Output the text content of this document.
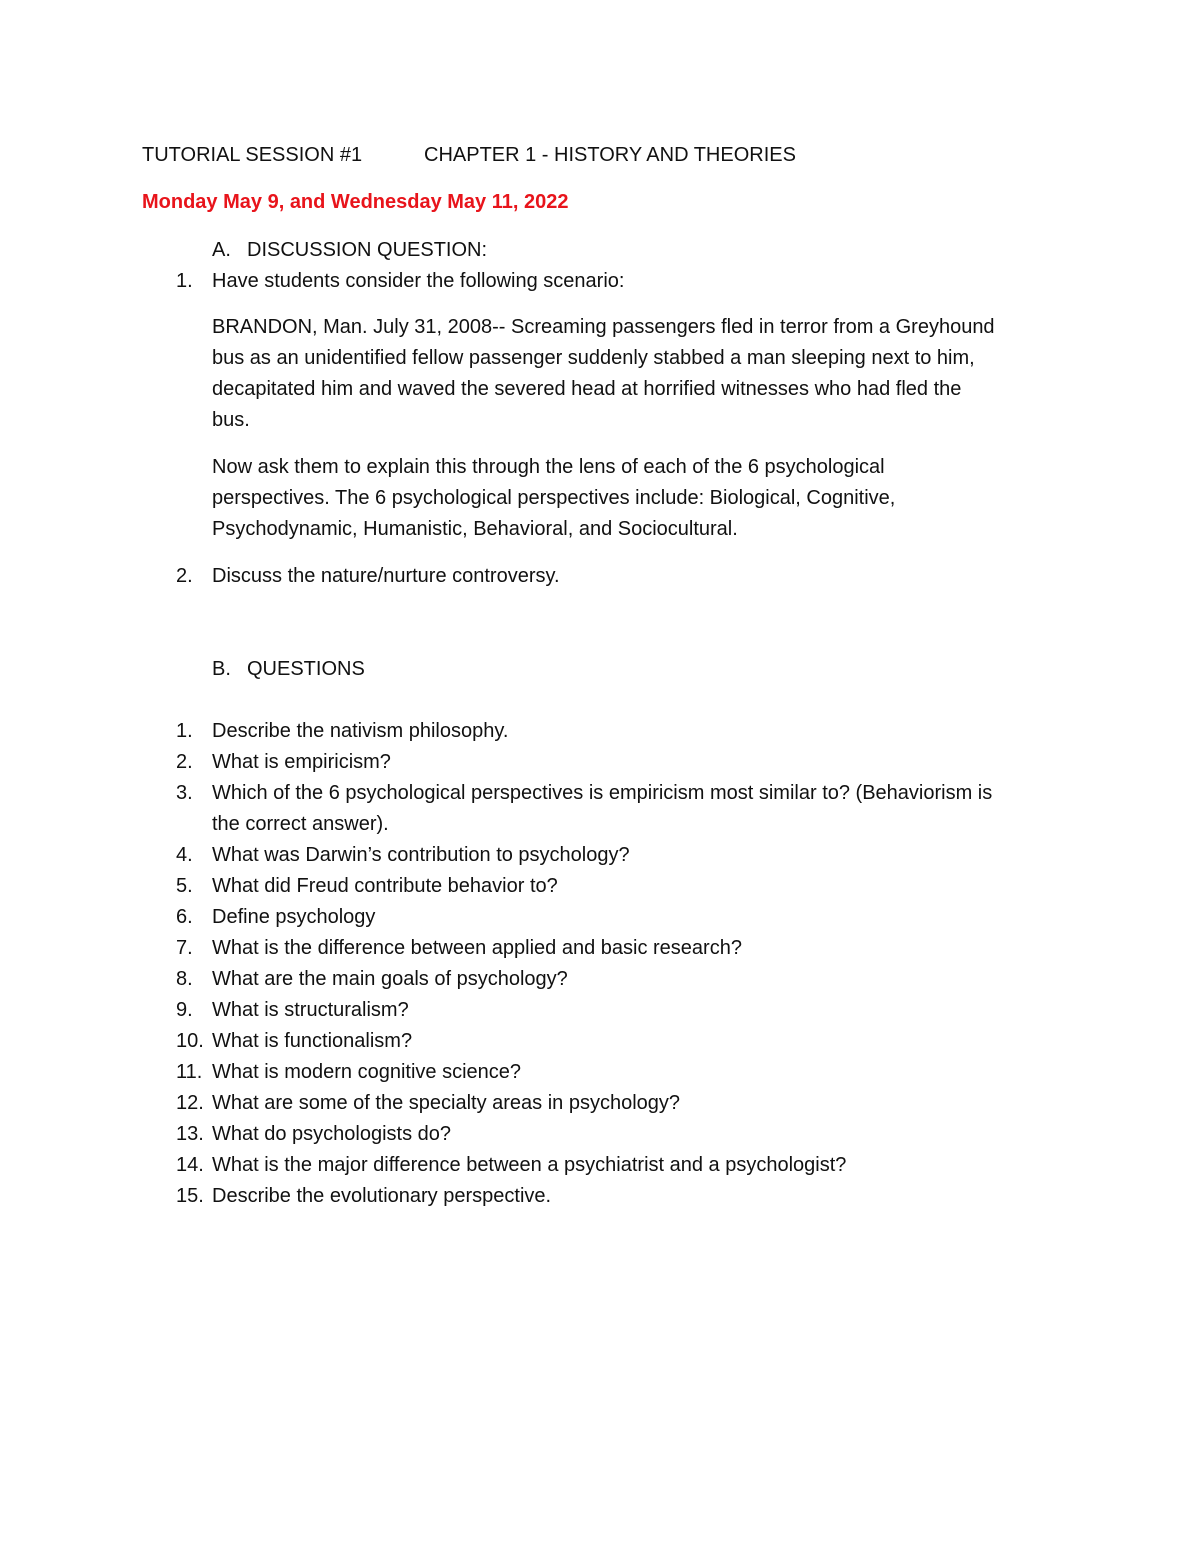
TUTORIAL SESSION #1	CHAPTER 1 - HISTORY AND THEORIES
Monday May 9, and Wednesday May 11, 2022
A. DISCUSSION QUESTION:
1. Have students consider the following scenario:
BRANDON, Man. July 31, 2008-- Screaming passengers fled in terror from a Greyhound
bus as an unidentified fellow passenger suddenly stabbed a man sleeping next to him,
decapitated him and waved the severed head at horrified witnesses who had fled the
bus.
Now ask them to explain this through the lens of each of the 6 psychological
perspectives. The 6 psychological perspectives include: Biological, Cognitive,
Psychodynamic, Humanistic, Behavioral, and Sociocultural.
2. Discuss the nature/nurture controversy.
B. QUESTIONS
1. Describe the nativism philosophy.
2. What is empiricism?
3. Which of the 6 psychological perspectives is empiricism most similar to? (Behaviorism is
the correct answer).
4. What was Darwin’s contribution to psychology?
5. What did Freud contribute behavior to?
6. Define psychology
7. What is the difference between applied and basic research?
8. What are the main goals of psychology?
9. What is structuralism?
10. What is functionalism?
11. What is modern cognitive science?
12. What are some of the specialty areas in psychology?
13. What do psychologists do?
14. What is the major difference between a psychiatrist and a psychologist?
15. Describe the evolutionary perspective.
